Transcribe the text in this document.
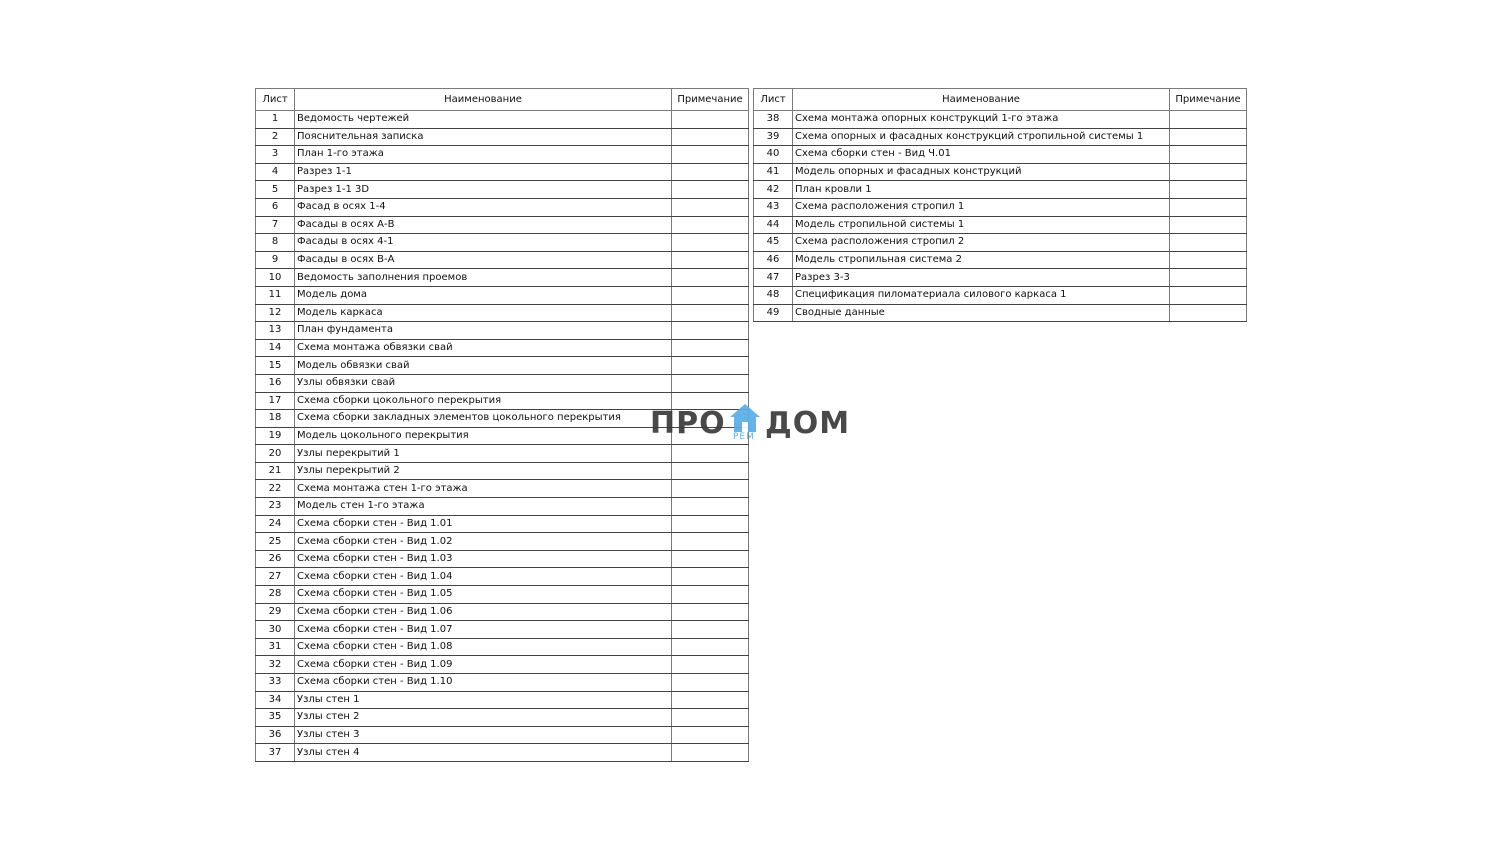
Лист	Наименование	Примечание
1	Ведомость чертежей	
2	Пояснительная записка	
3	План 1-го этажа	
4	Разрез 1-1	
5	Разрез 1-1 3D	
6	Фасад в осях 1-4	
7	Фасады в осях А-В	
8	Фасады в осях 4-1	
9	Фасады в осях В-А	
10	Ведомость заполнения проемов	
11	Модель дома	
12	Модель каркаса	
13	План фундамента	
14	Схема монтажа обвязки свай	
15	Модель обвязки свай	
16	Узлы обвязки свай	
17	Схема сборки цокольного перекрытия	
18	Схема сборки закладных элементов цокольного перекрытия	
19	Модель цокольного перекрытия	
20	Узлы перекрытий 1	
21	Узлы перекрытий 2	
22	Схема монтажа стен 1-го этажа	
23	Модель стен 1-го этажа	
24	Схема сборки стен - Вид 1.01	
25	Схема сборки стен - Вид 1.02	
26	Схема сборки стен - Вид 1.03	
27	Схема сборки стен - Вид 1.04	
28	Схема сборки стен - Вид 1.05	
29	Схема сборки стен - Вид 1.06	
30	Схема сборки стен - Вид 1.07	
31	Схема сборки стен - Вид 1.08	
32	Схема сборки стен - Вид 1.09	
33	Схема сборки стен - Вид 1.10	
34	Узлы стен 1	
35	Узлы стен 2	
36	Узлы стен 3	
37	Узлы стен 4	
Лист	Наименование	Примечание
38	Схема монтажа опорных конструкций 1-го этажа	
39	Схема опорных и фасадных конструкций стропильной системы 1	
40	Схема сборки стен - Вид Ч.01	
41	Модель опорных и фасадных конструкций	
42	План кровли 1	
43	Схема расположения стропил 1	
44	Модель стропильной системы 1	
45	Схема расположения стропил 2	
46	Модель стропильная система 2	
47	Разрез 3-3	
48	Спецификация пиломатериала силового каркаса 1	
49	Сводные данные	
ПРО РЕМ ДОМ
